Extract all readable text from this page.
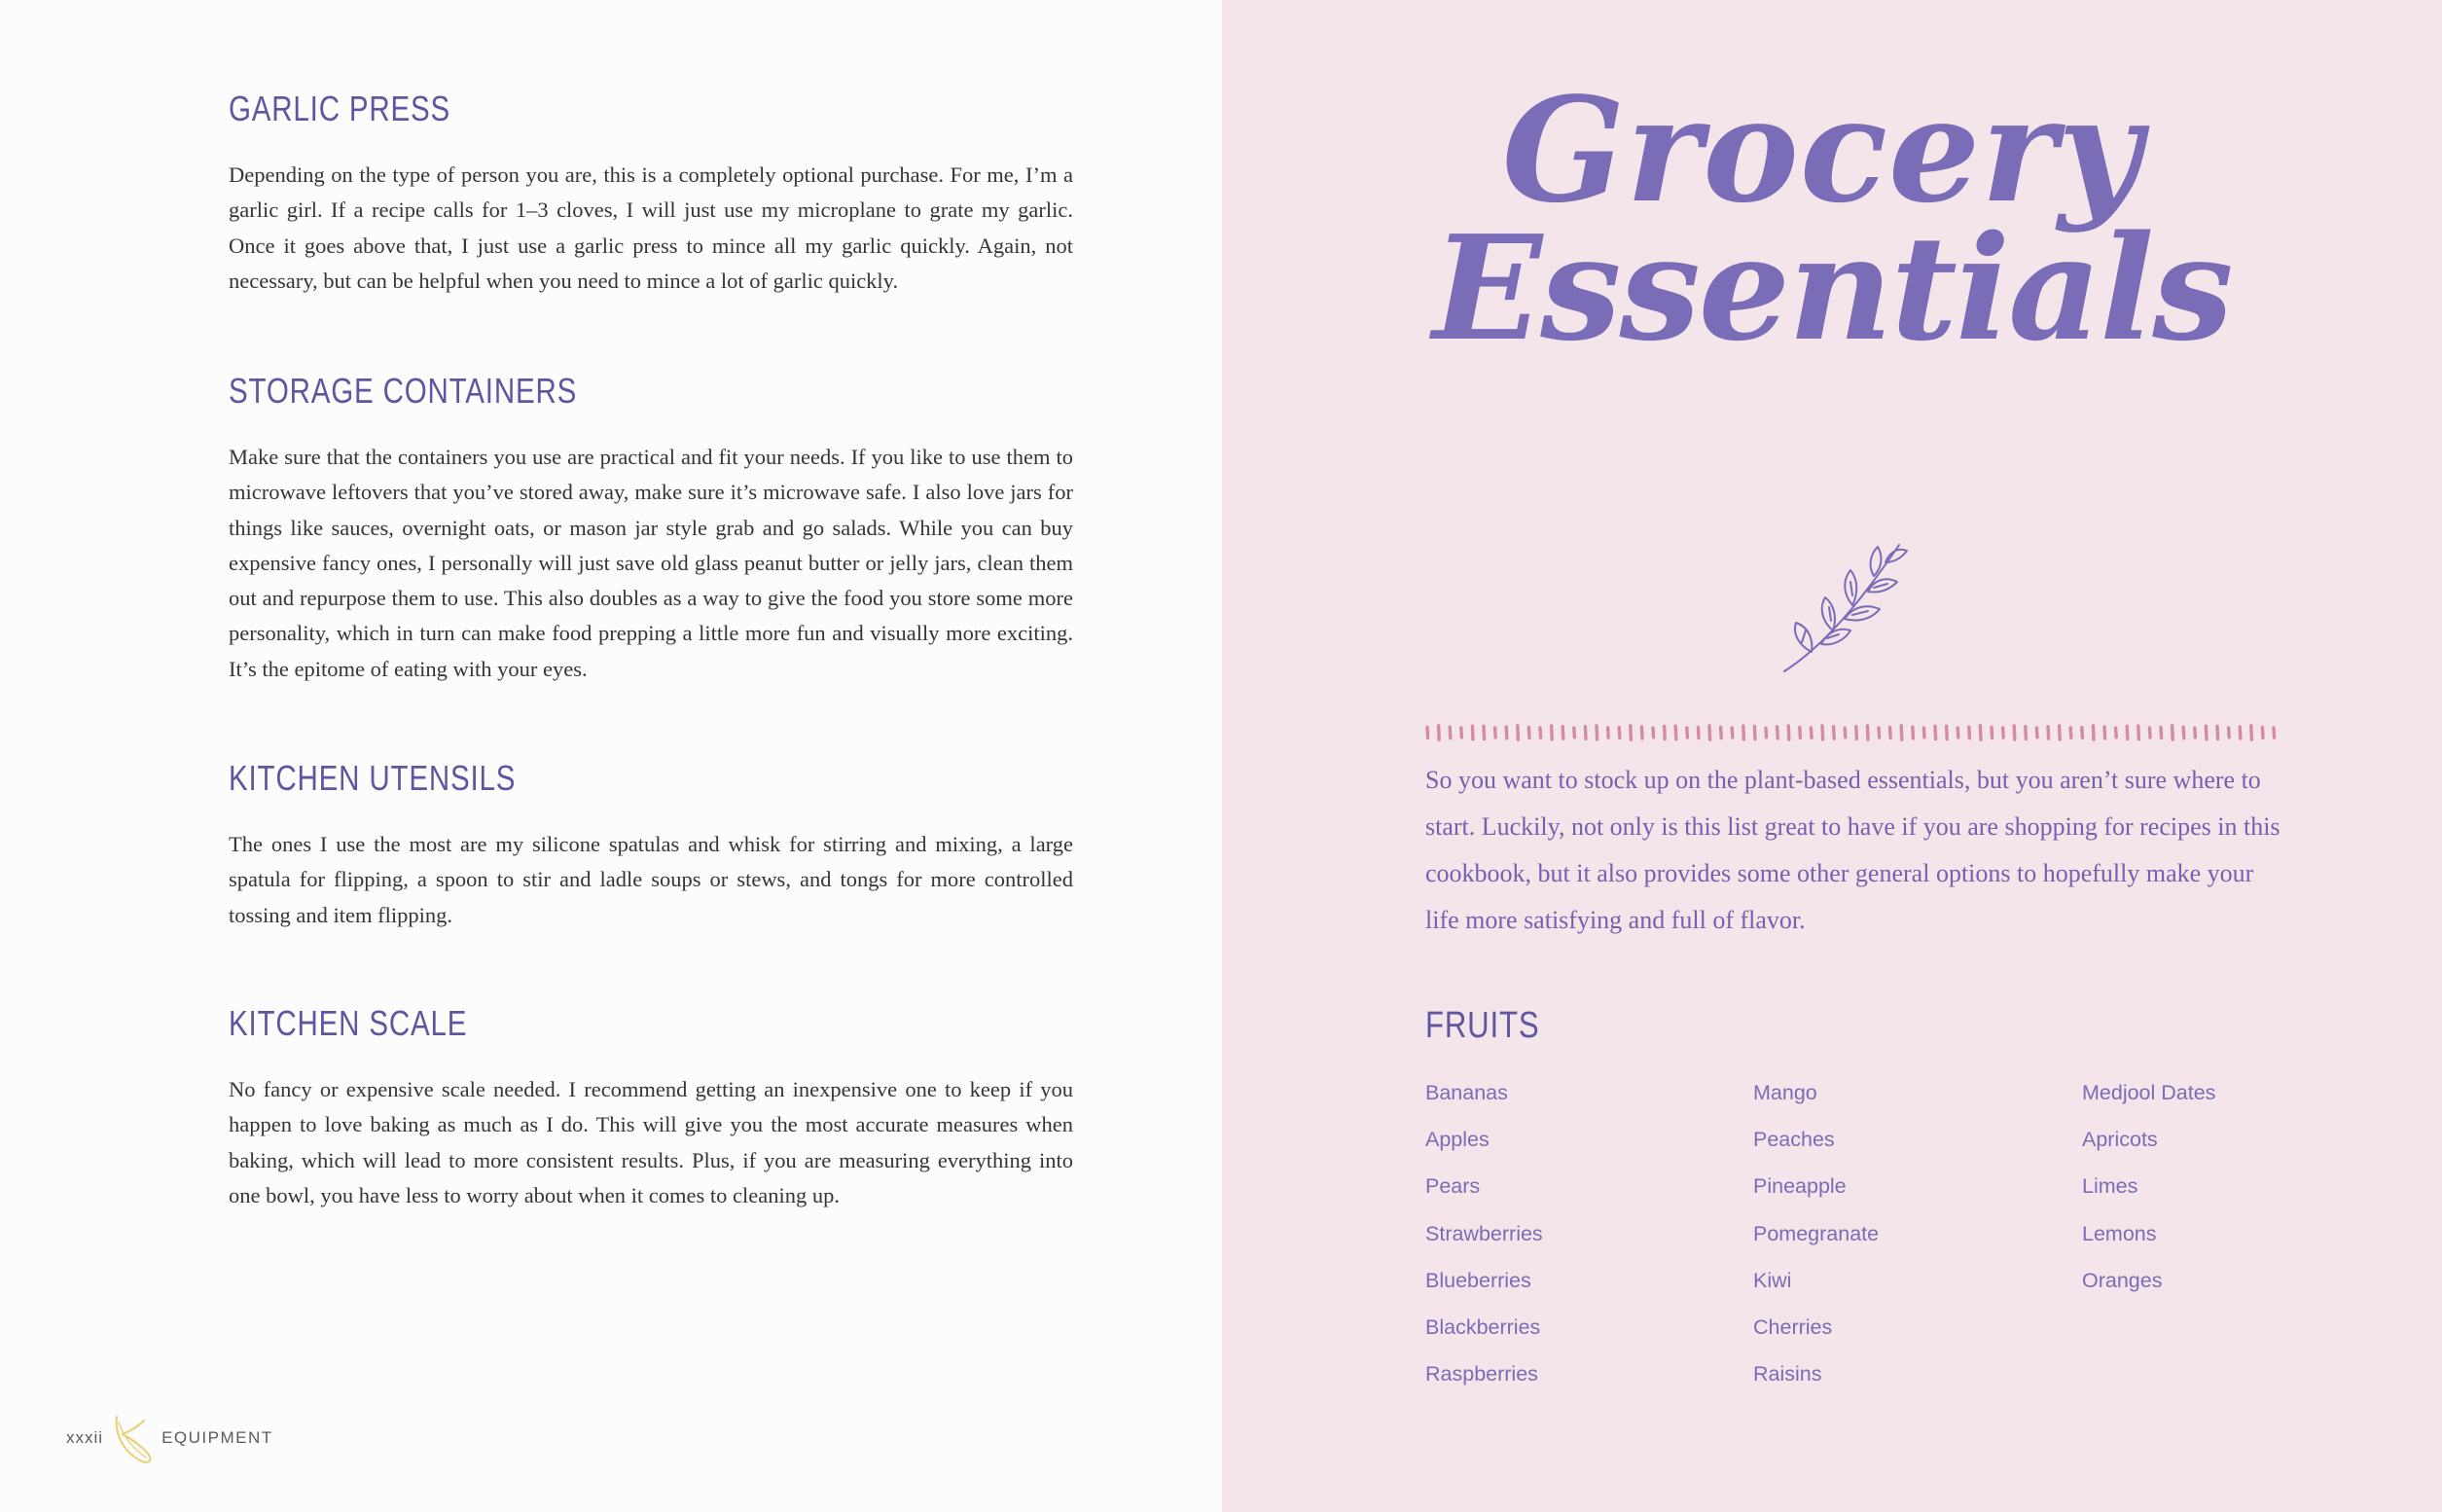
GARLIC PRESS

Depending on the type of person you are, this is a completely optional purchase. For me, I’m a garlic girl. If a recipe calls for 1–3 cloves, I will just use my microplane to grate my garlic. Once it goes above that, I just use a garlic press to mince all my garlic quickly. Again, not necessary, but can be helpful when you need to mince a lot of garlic quickly.

STORAGE CONTAINERS

Make sure that the containers you use are practical and fit your needs. If you like to use them to microwave leftovers that you’ve stored away, make sure it’s microwave safe. I also love jars for things like sauces, overnight oats, or mason jar style grab and go salads. While you can buy expensive fancy ones, I personally will just save old glass peanut butter or jelly jars, clean them out and repurpose them to use. This also doubles as a way to give the food you store some more personality, which in turn can make food prepping a little more fun and visually more exciting. It’s the epitome of eating with your eyes.

KITCHEN UTENSILS

The ones I use the most are my silicone spatulas and whisk for stirring and mixing, a large spatula for flipping, a spoon to stir and ladle soups or stews, and tongs for more controlled tossing and item flipping.

KITCHEN SCALE

No fancy or expensive scale needed. I recommend getting an inexpensive one to keep if you happen to love baking as much as I do. This will give you the most accurate measures when baking, which will lead to more consistent results. Plus, if you are measuring everything into one bowl, you have less to worry about when it comes to cleaning up.

xxxii	EQUIPMENT
Grocery
Essentials

So you want to stock up on the plant-based essentials, but you aren’t sure where to start. Luckily, not only is this list great to have if you are shopping for recipes in this cookbook, but it also provides some other general options to hopefully make your life more satisfying and full of flavor.

FRUITS
Bananas
Apples
Pears
Strawberries
Blueberries
Blackberries
Raspberries
Mango
Peaches
Pineapple
Pomegranate
Kiwi
Cherries
Raisins
Medjool Dates
Apricots
Limes
Lemons
Oranges
